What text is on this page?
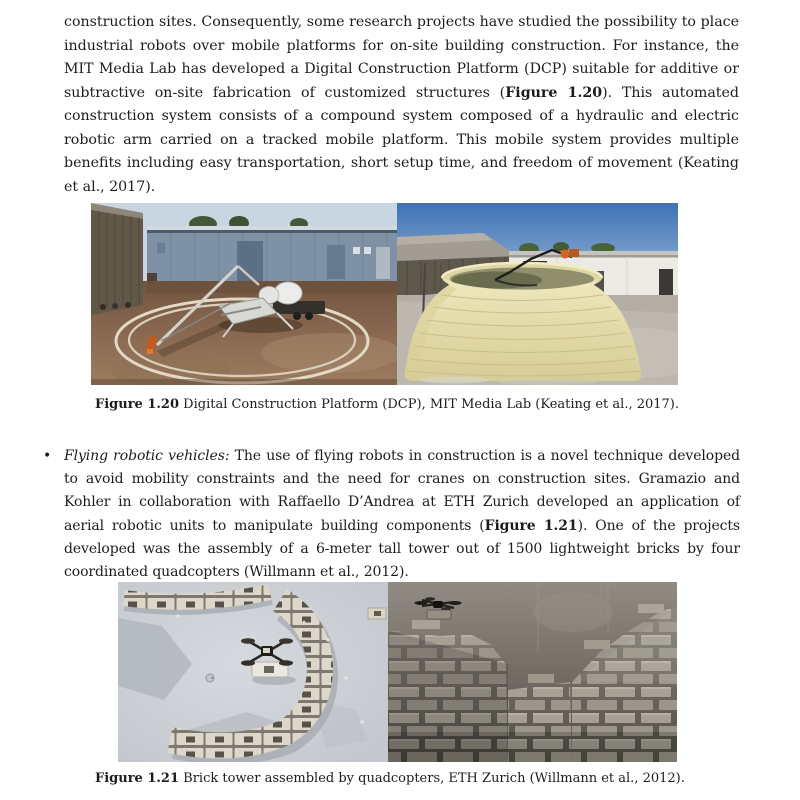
construction sites. Consequently, some research projects have studied the possibility to place industrial robots over mobile platforms for on-site building construction. For instance, the MIT Media Lab has developed a Digital Construction Platform (DCP) suitable for additive or subtractive on-site fabrication of customized structures (Figure 1.20). This automated construction system consists of a compound system composed of a hydraulic and electric robotic arm carried on a tracked mobile platform. This mobile system provides multiple benefits including easy transportation, short setup time, and freedom of movement (Keating et al., 2017).

Figure 1.20 Digital Construction Platform (DCP), MIT Media Lab (Keating et al., 2017).

• Flying robotic vehicles: The use of flying robots in construction is a novel technique developed to avoid mobility constraints and the need for cranes on construction sites. Gramazio and Kohler in collaboration with Raffaello D’Andrea at ETH Zurich developed an application of aerial robotic units to manipulate building components (Figure 1.21). One of the projects developed was the assembly of a 6-meter tall tower out of 1500 lightweight bricks by four coordinated quadcopters (Willmann et al., 2012).

Figure 1.21 Brick tower assembled by quadcopters, ETH Zurich (Willmann et al., 2012).
